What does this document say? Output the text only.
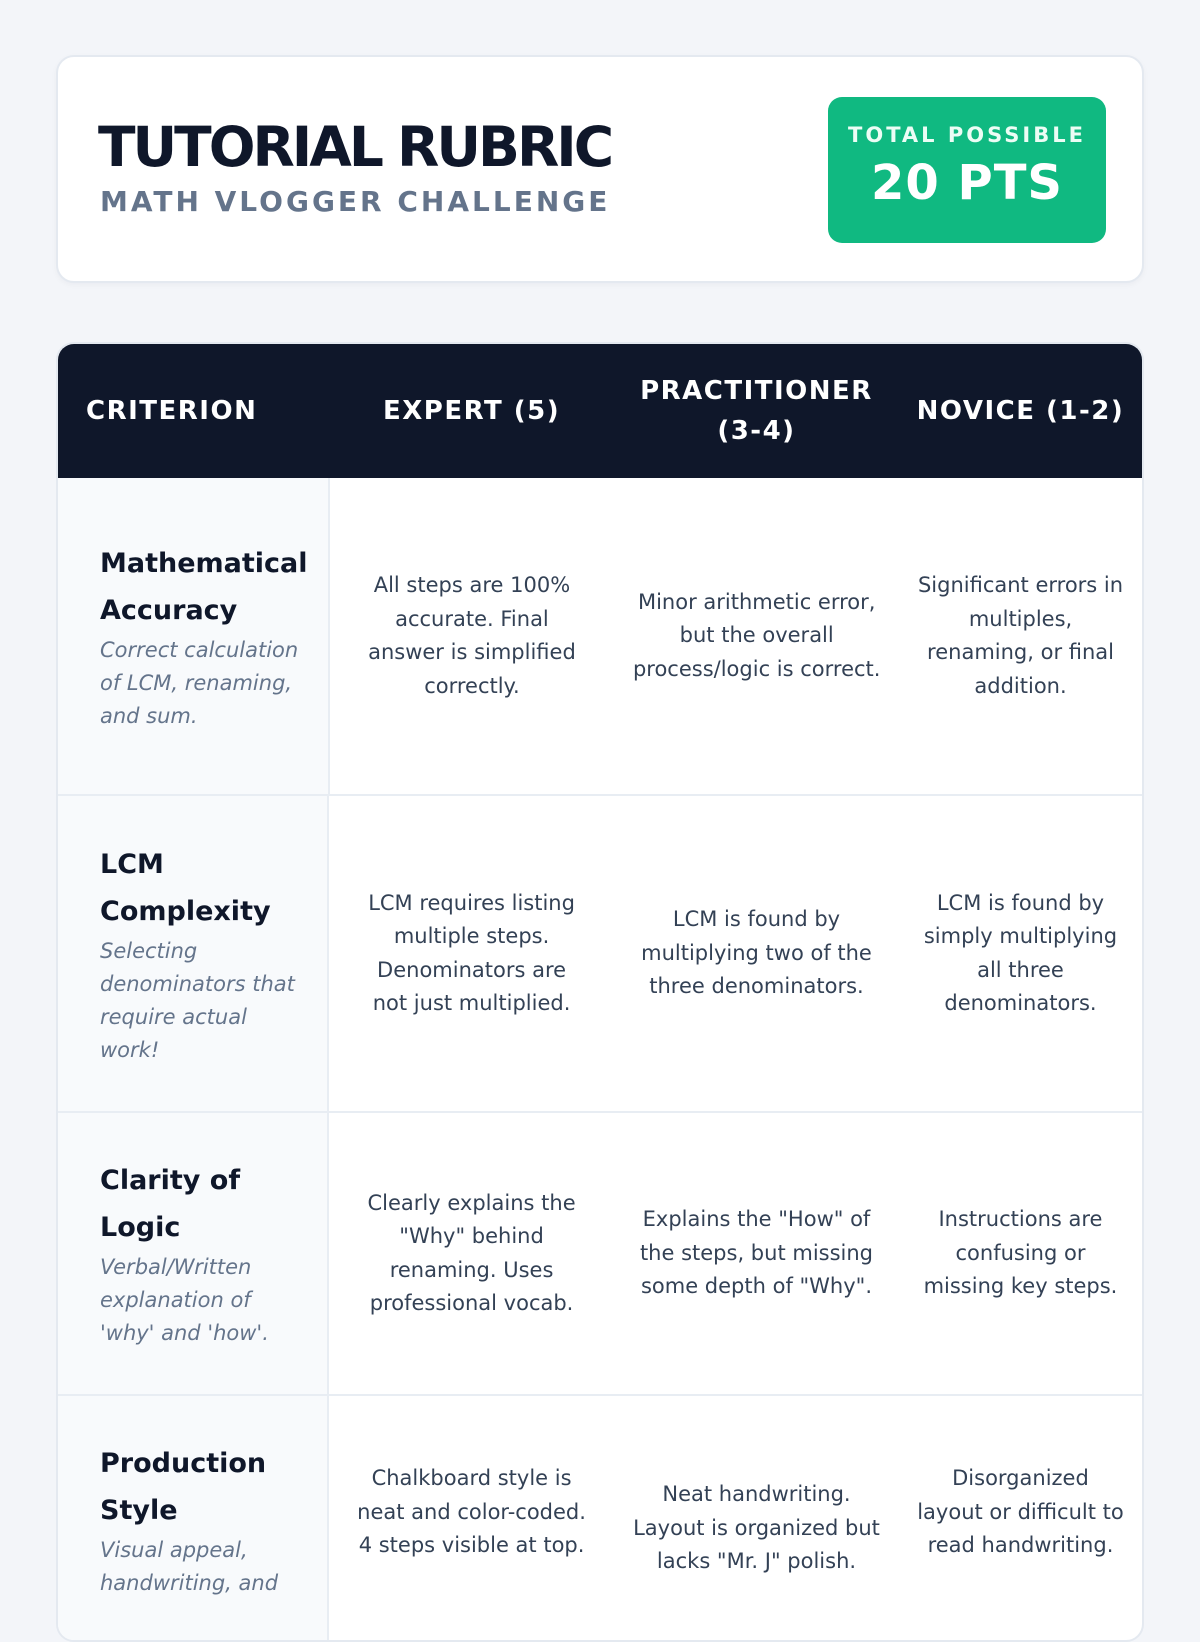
TUTORIAL RUBRIC
MATH VLOGGER CHALLENGE
TOTAL POSSIBLE
20 PTS
CRITERION	EXPERT (5)
PRACTITIONER (3-4)
NOVICE (1-2)
Mathematical Accuracy
Correct calculation of LCM, renaming, and sum.
All steps are 100% accurate. Final answer is simplified correctly.
Minor arithmetic error, but the overall process/logic is correct.
Significant errors in multiples, renaming, or final addition.
LCM Complexity
Selecting denominators that require actual work!
LCM requires listing multiple steps. Denominators are not just multiplied.
LCM is found by multiplying two of the three denominators.
LCM is found by simply multiplying all three denominators.
Clarity of Logic
Verbal/Written explanation of 'why' and 'how'.
Clearly explains the "Why" behind renaming. Uses professional vocab.
Explains the "How" of the steps, but missing some depth of "Why".
Instructions are confusing or missing key steps.
Production Style
Visual appeal, handwriting, and
Chalkboard style is neat and color-coded. 4 steps visible at top.
Neat handwriting. Layout is organized but lacks "Mr. J" polish.
Disorganized layout or difficult to read handwriting.
